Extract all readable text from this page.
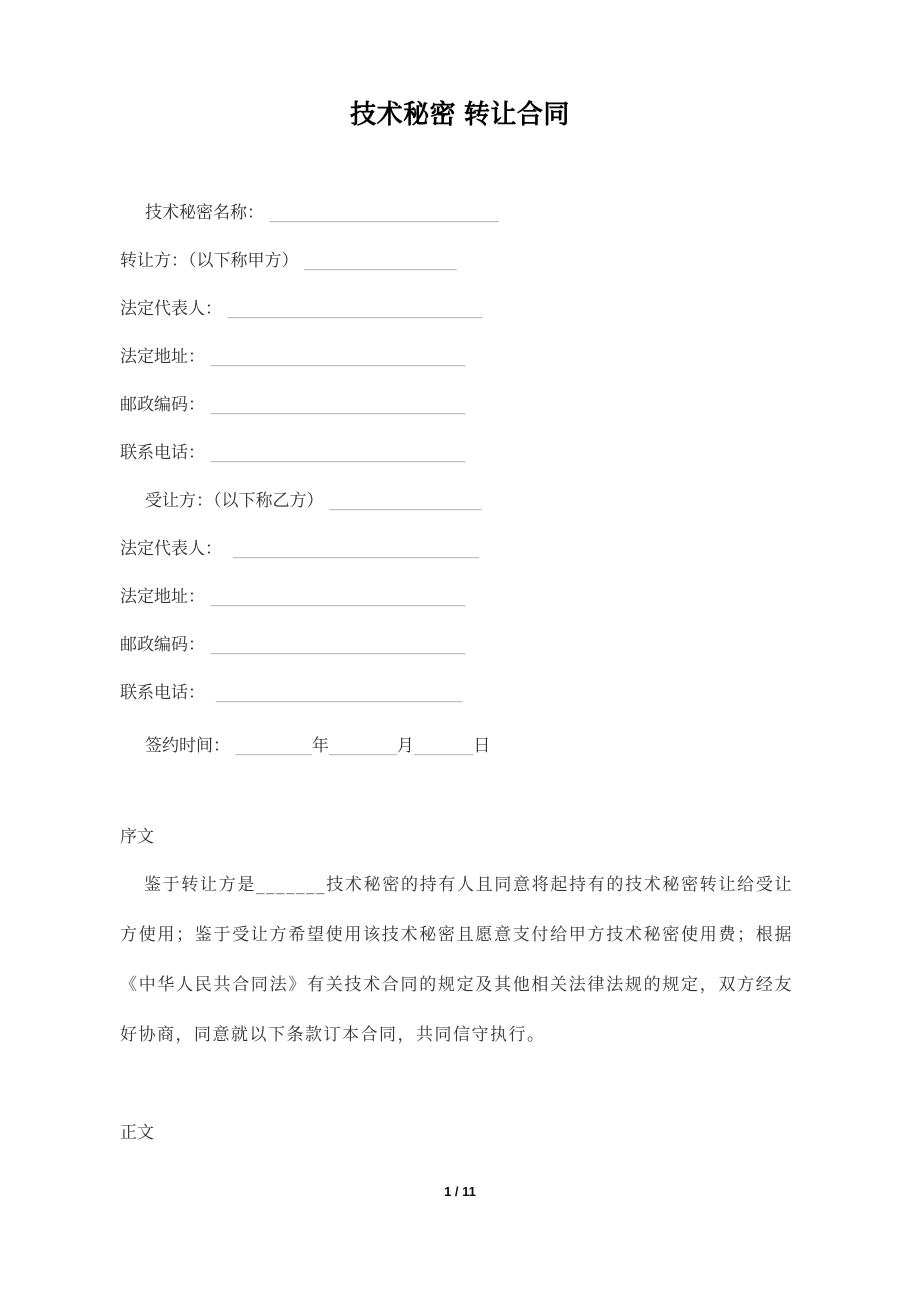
技术秘密 转让合同
技术秘密名称： ___________________________
转让方：（以下称甲方） __________________
法定代表人： ______________________________
法定地址： ______________________________
邮政编码： ______________________________
联系电话： ______________________________
受让方：（以下称乙方） __________________
法定代表人：  _____________________________
法定地址： ______________________________
邮政编码： ______________________________
联系电话：  _____________________________
签约时间： _________年________月_______日
序文

鉴于转让方是_______技术秘密的持有人且同意将起持有的技术秘密转让给受让方使用；鉴于受让方希望使用该技术秘密且愿意支付给甲方技术秘密使用费；根据《中华人民共合同法》有关技术合同的规定及其他相关法律法规的规定，双方经友好协商，同意就以下条款订本合同，共同信守执行。

正文
1 / 11
